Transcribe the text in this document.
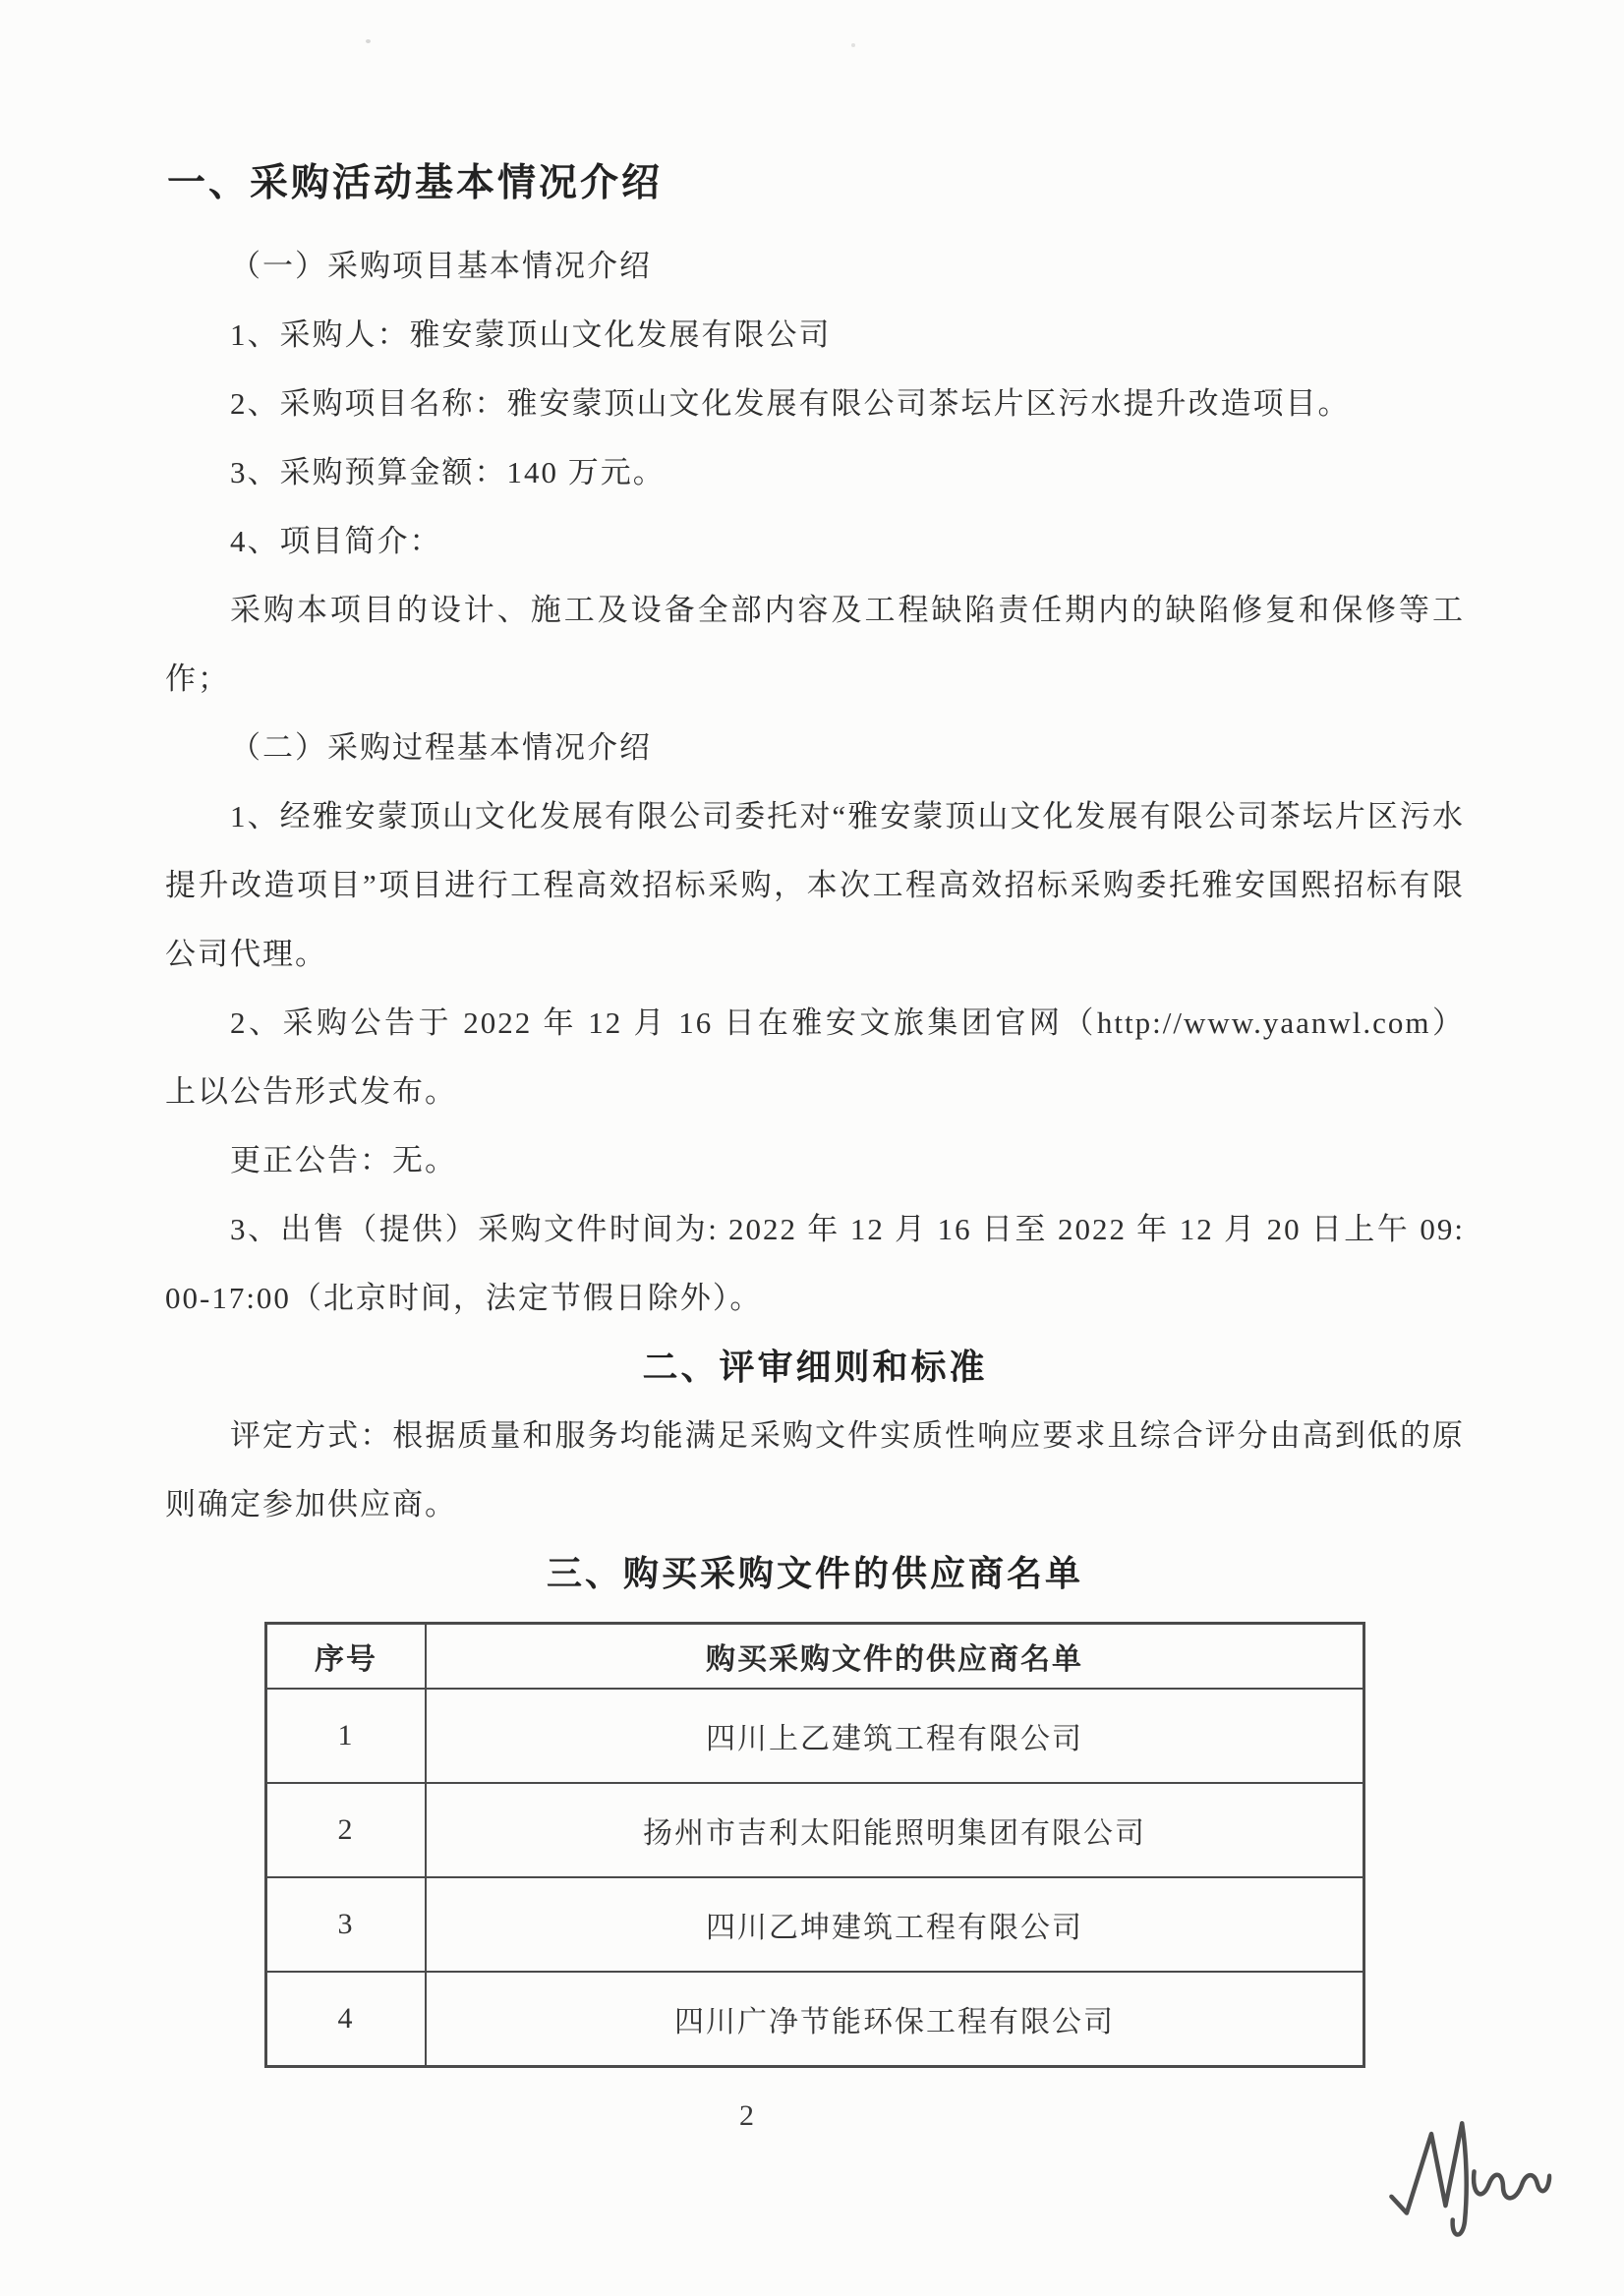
一、采购活动基本情况介绍

（一）采购项目基本情况介绍

1、采购人：雅安蒙顶山文化发展有限公司

2、采购项目名称：雅安蒙顶山文化发展有限公司茶坛片区污水提升改造项目。

3、采购预算金额：140 万元。

4、项目简介：

采购本项目的设计、施工及设备全部内容及工程缺陷责任期内的缺陷修复和保修等工作；

（二）采购过程基本情况介绍

1、经雅安蒙顶山文化发展有限公司委托对“雅安蒙顶山文化发展有限公司茶坛片区污水提升改造项目”项目进行工程高效招标采购，本次工程高效招标采购委托雅安国熙招标有限公司代理。

2、采购公告于 2022 年 12 月 16 日在雅安文旅集团官网（http://www.yaanwl.com） 上以公告形式发布。

更正公告：无。

3、出售（提供）采购文件时间为: 2022 年 12 月 16 日至 2022 年 12 月 20 日上午 09:00-17:00（北京时间，法定节假日除外）。

二、评审细则和标准

评定方式：根据质量和服务均能满足采购文件实质性响应要求且综合评分由高到低的原则确定参加供应商。

三、购买采购文件的供应商名单
序号	购买采购文件的供应商名单
1	四川上乙建筑工程有限公司
2	扬州市吉利太阳能照明集团有限公司
3	四川乙坤建筑工程有限公司
4	四川广净节能环保工程有限公司
2
